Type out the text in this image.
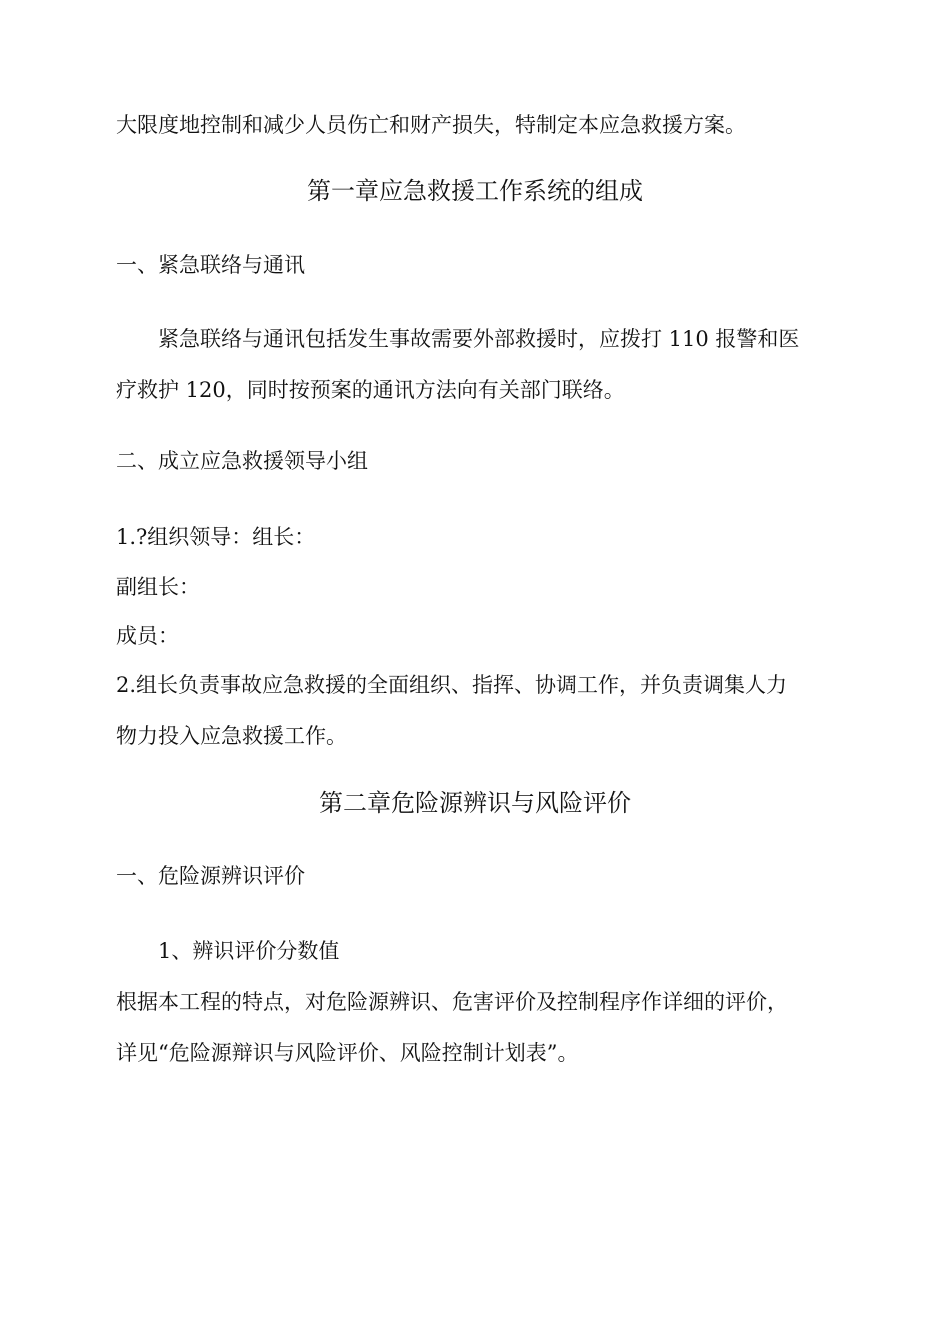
大限度地控制和减少人员伤亡和财产损失，特制定本应急救援方案。
第一章应急救援工作系统的组成
一、紧急联络与通讯
紧急联络与通讯包括发生事故需要外部救援时，应拨打 110 报警和医
疗救护 120，同时按预案的通讯方法向有关部门联络。
二、成立应急救援领导小组
1.?组织领导：组长：
副组长：
成员：
2.组长负责事故应急救援的全面组织、指挥、协调工作，并负责调集人力
物力投入应急救援工作。
第二章危险源辨识与风险评价
一、危险源辨识评价
1、辨识评价分数值
根据本工程的特点，对危险源辨识、危害评价及控制程序作详细的评价，
详见“危险源辩识与风险评价、风险控制计划表”。
